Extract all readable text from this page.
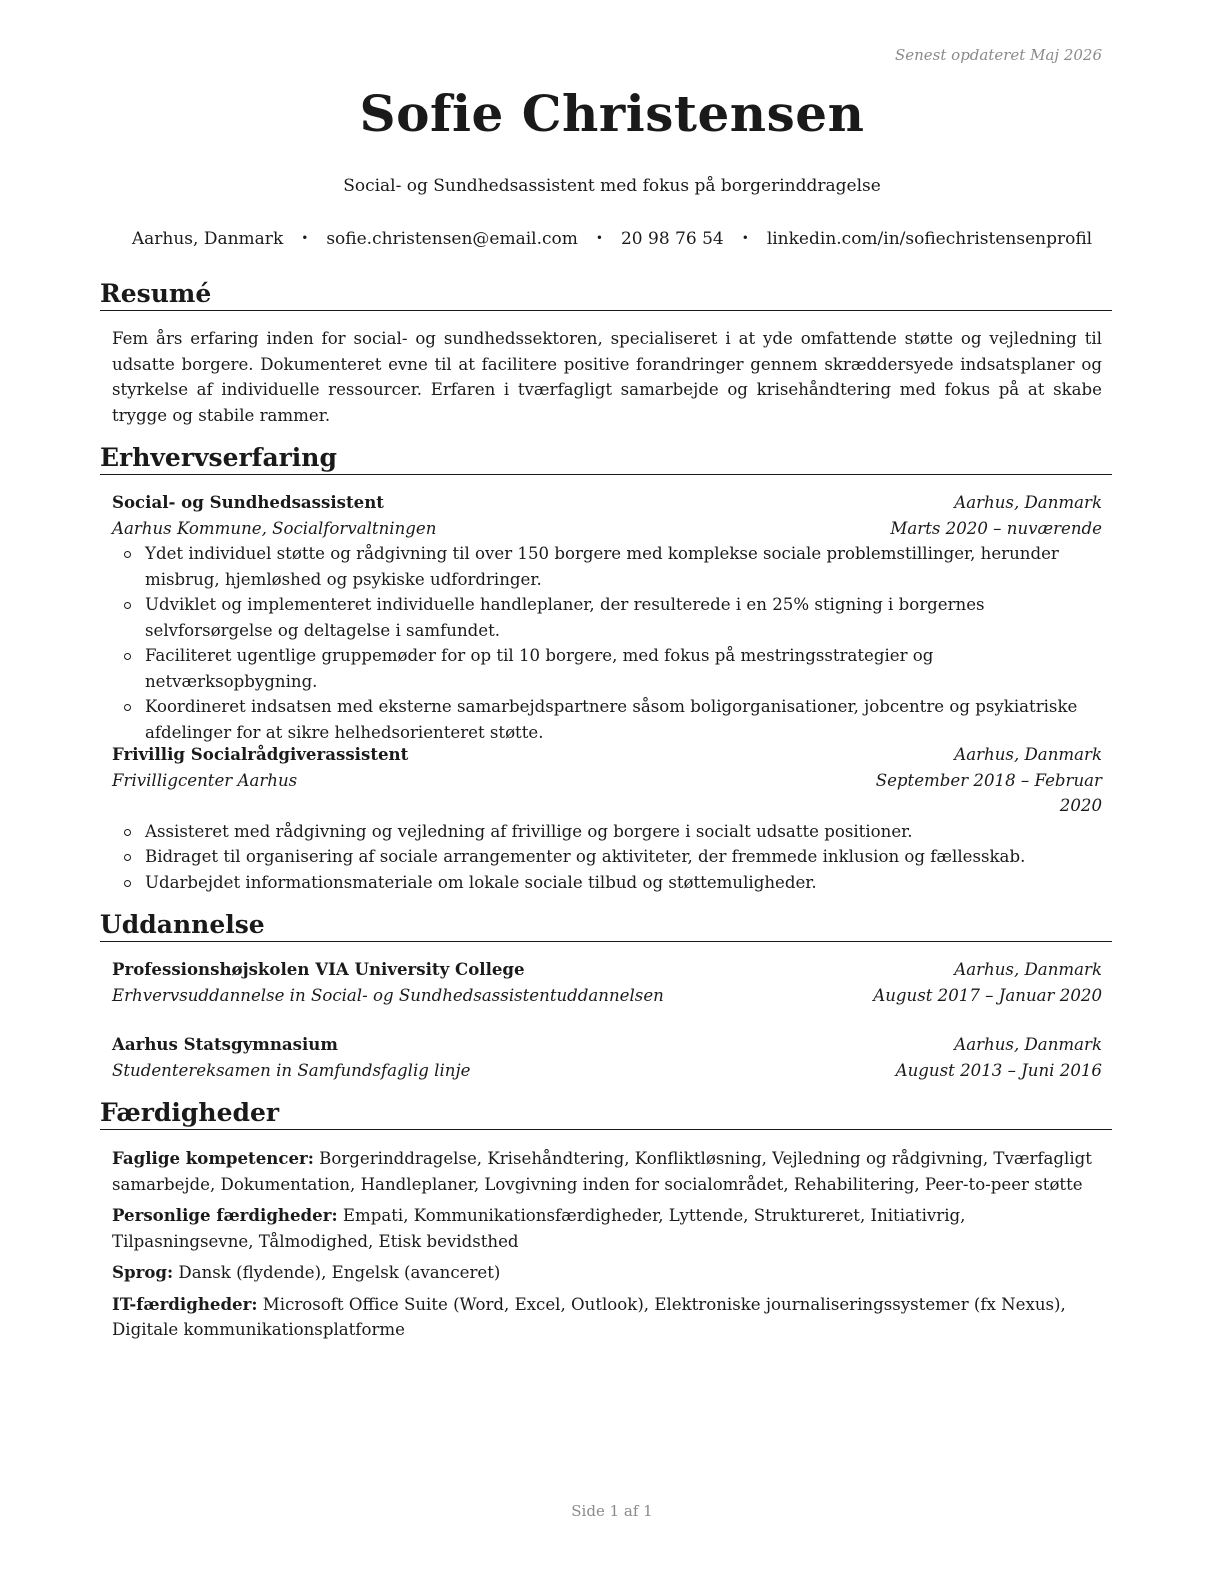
Senest opdateret Maj 2026
Sofie Christensen
Social- og Sundhedsassistent med fokus på borgerinddragelse
Aarhus, Danmark • sofie.christensen@email.com • 20 98 76 54 • linkedin.com/in/sofiechristensenprofil
Resumé
Fem års erfaring inden for social- og sundhedssektoren, specialiseret i at yde omfattende støtte og vejledning til udsatte borgere. Dokumenteret evne til at facilitere positive forandringer gennem skræddersyede indsatsplaner og styrkelse af individuelle ressourcer. Erfaren i tværfagligt samarbejde og krisehåndtering med fokus på at skabe trygge og stabile rammer.
Erhvervserfaring
Social- og Sundhedsassistent	Aarhus, Danmark
Aarhus Kommune, Socialforvaltningen	Marts 2020 – nuværende
Ydet individuel støtte og rådgivning til over 150 borgere med komplekse sociale problemstillinger, herunder misbrug, hjemløshed og psykiske udfordringer.
Udviklet og implementeret individuelle handleplaner, der resulterede i en 25% stigning i borgernes selvforsørgelse og deltagelse i samfundet.
Faciliteret ugentlige gruppemøder for op til 10 borgere, med fokus på mestringsstrategier og netværksopbygning.
Koordineret indsatsen med eksterne samarbejdspartnere såsom boligorganisationer, jobcentre og psykiatriske afdelinger for at sikre helhedsorienteret støtte.
Frivillig Socialrådgiverassistent	Aarhus, Danmark
Frivilligcenter Aarhus	September 2018 – Februar
2020
Assisteret med rådgivning og vejledning af frivillige og borgere i socialt udsatte positioner.
Bidraget til organisering af sociale arrangementer og aktiviteter, der fremmede inklusion og fællesskab.
Udarbejdet informationsmateriale om lokale sociale tilbud og støttemuligheder.
Uddannelse
Professionshøjskolen VIA University College	Aarhus, Danmark
Erhvervsuddannelse in Social- og Sundhedsassistentuddannelsen	August 2017 – Januar 2020
Aarhus Statsgymnasium	Aarhus, Danmark
Studentereksamen in Samfundsfaglig linje	August 2013 – Juni 2016
Færdigheder
Faglige kompetencer: Borgerinddragelse, Krisehåndtering, Konfliktløsning, Vejledning og rådgivning, Tværfagligt samarbejde, Dokumentation, Handleplaner, Lovgivning inden for socialområdet, Rehabilitering, Peer-to-peer støtte
Personlige færdigheder: Empati, Kommunikationsfærdigheder, Lyttende, Struktureret, Initiativrig, Tilpasningsevne, Tålmodighed, Etisk bevidsthed
Sprog: Dansk (flydende), Engelsk (avanceret)
IT-færdigheder: Microsoft Office Suite (Word, Excel, Outlook), Elektroniske journaliseringssystemer (fx Nexus), Digitale kommunikationsplatforme
Side 1 af 1
